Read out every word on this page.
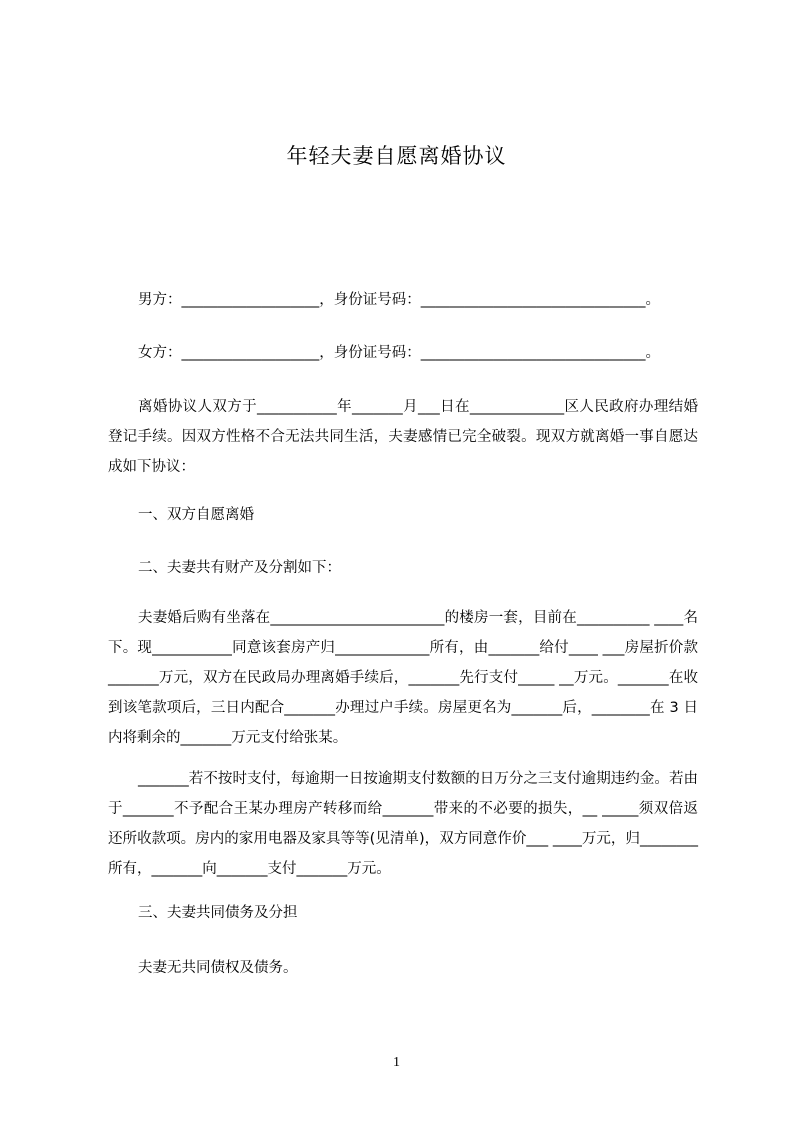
年轻夫妻自愿离婚协议

男方：___________________，身份证号码：_______________________________。

女方：___________________，身份证号码：_______________________________。

离婚协议人双方于___________年_______月___日在_____________区人民政府办理结婚登记手续。因双方性格不合无法共同生活，夫妻感情已完全破裂。现双方就离婚一事自愿达成如下协议：

一、双方自愿离婚

二、夫妻共有财产及分割如下：

夫妻婚后购有坐落在________________________的楼房一套，目前在__________ ____名下。现___________同意该套房产归_____________所有，由_______给付____ ___房屋折价款_______万元，双方在民政局办理离婚手续后，_______先行支付_____ __万元。_______在收到该笔款项后，三日内配合_______办理过户手续。房屋更名为_______后，________在 3 日内将剩余的_______万元支付给张某。

_______若不按时支付，每逾期一日按逾期支付数额的日万分之三支付逾期违约金。若由于_______不予配合王某办理房产转移而给_______带来的不必要的损失，__ _____须双倍返还所收款项。房内的家用电器及家具等等(见清单)，双方同意作价___ ____万元，归________所有，_______向_______支付_______万元。

三、夫妻共同债务及分担

夫妻无共同债权及债务。

1
